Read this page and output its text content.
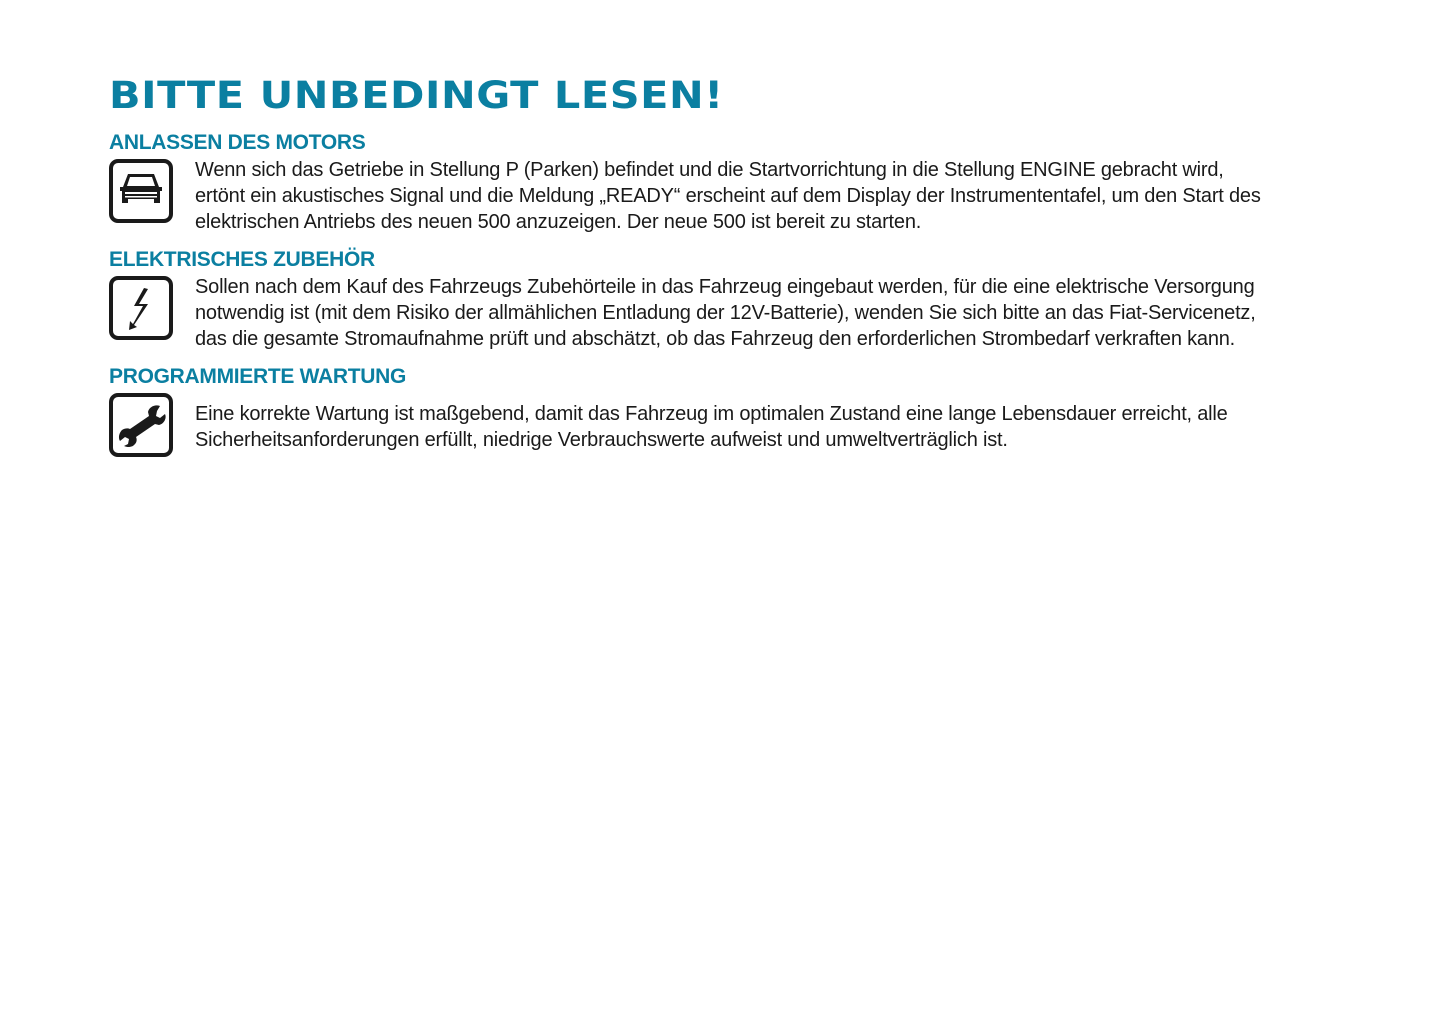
BITTE UNBEDINGT LESEN!
ANLASSEN DES MOTORS
Wenn sich das Getriebe in Stellung P (Parken) befindet und die Startvorrichtung in die Stellung ENGINE gebracht wird,
ertönt ein akustisches Signal und die Meldung „READY“ erscheint auf dem Display der Instrumententafel, um den Start des
elektrischen Antriebs des neuen 500 anzuzeigen. Der neue 500 ist bereit zu starten.
ELEKTRISCHES ZUBEHÖR
Sollen nach dem Kauf des Fahrzeugs Zubehörteile in das Fahrzeug eingebaut werden, für die eine elektrische Versorgung
notwendig ist (mit dem Risiko der allmählichen Entladung der 12V-Batterie), wenden Sie sich bitte an das Fiat-Servicenetz,
das die gesamte Stromaufnahme prüft und abschätzt, ob das Fahrzeug den erforderlichen Strombedarf verkraften kann.
PROGRAMMIERTE WARTUNG
Eine korrekte Wartung ist maßgebend, damit das Fahrzeug im optimalen Zustand eine lange Lebensdauer erreicht, alle
Sicherheitsanforderungen erfüllt, niedrige Verbrauchswerte aufweist und umweltverträglich ist.
